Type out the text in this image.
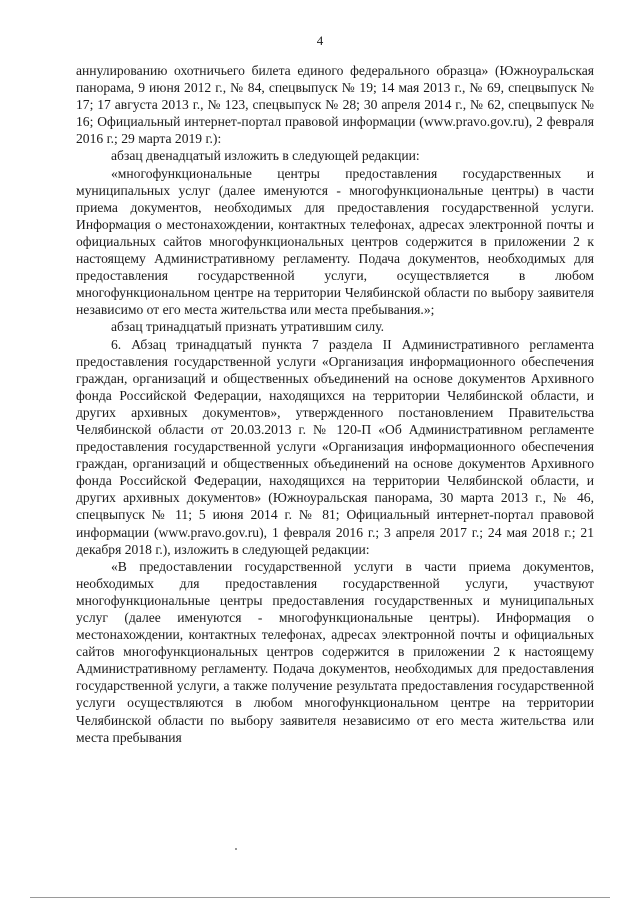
4

аннулированию охотничьего билета единого федерального образца» (Южноуральская панорама, 9 июня 2012 г., № 84, спецвыпуск № 19; 14 мая 2013 г., № 69, спецвыпуск № 17; 17 августа 2013 г., № 123, спецвыпуск № 28; 30 апреля 2014 г., № 62, спецвыпуск № 16; Официальный интернет-портал правовой информации (www.pravo.gov.ru), 2 февраля 2016 г.; 29 марта 2019 г.):

абзац двенадцатый изложить в следующей редакции:

«многофункциональные центры предоставления государственных и муниципальных услуг (далее именуются - многофункциональные центры) в части приема документов, необходимых для предоставления государственной услуги. Информация о местонахождении, контактных телефонах, адресах электронной почты и официальных сайтов многофункциональных центров содержится в приложении 2 к настоящему Административному регламенту. Подача документов, необходимых для предоставления государственной услуги, осуществляется в любом многофункциональном центре на территории Челябинской области по выбору заявителя независимо от его места жительства или места пребывания.»;

абзац тринадцатый признать утратившим силу.

6. Абзац тринадцатый пункта 7 раздела II Административного регламента предоставления государственной услуги «Организация информационного обеспечения граждан, организаций и общественных объединений на основе документов Архивного фонда Российской Федерации, находящихся на территории Челябинской области, и других архивных документов», утвержденного постановлением Правительства Челябинской области от 20.03.2013 г. № 120-П «Об Административном регламенте предоставления государственной услуги «Организация информационного обеспечения граждан, организаций и общественных объединений на основе документов Архивного фонда Российской Федерации, находящихся на территории Челябинской области, и других архивных документов» (Южноуральская панорама, 30 марта 2013 г., № 46, спецвыпуск № 11; 5 июня 2014 г. № 81; Официальный интернет-портал правовой информации (www.pravo.gov.ru), 1 февраля 2016 г.; 3 апреля 2017 г.; 24 мая 2018 г.; 21 декабря 2018 г.), изложить в следующей редакции:

«В предоставлении государственной услуги в части приема документов, необходимых для предоставления государственной услуги, участвуют многофункциональные центры предоставления государственных и муниципальных услуг (далее именуются - многофункциональные центры). Информация о местонахождении, контактных телефонах, адресах электронной почты и официальных сайтов многофункциональных центров содержится в приложении 2 к настоящему Административному регламенту. Подача документов, необходимых для предоставления государственной услуги, а также получение результата предоставления государственной услуги осуществляются в любом многофункциональном центре на территории Челябинской области по выбору заявителя независимо от его места жительства или места пребывания
